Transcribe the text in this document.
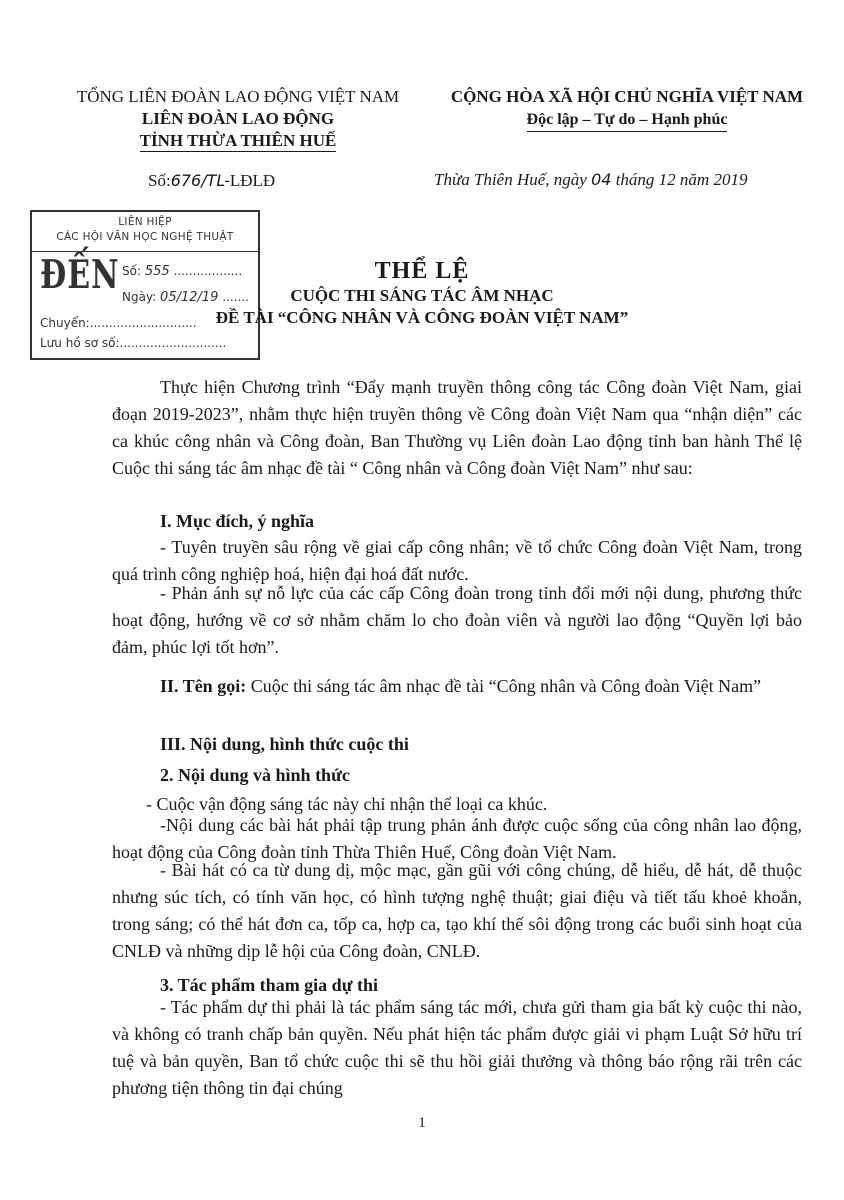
TỔNG LIÊN ĐOÀN LAO ĐỘNG VIỆT NAM
LIÊN ĐOÀN LAO ĐỘNG
TỈNH THỪA THIÊN HUẾ
CỘNG HÒA XÃ HỘI CHỦ NGHĨA VIỆT NAM
Độc lập – Tự do – Hạnh phúc
Số:676/TL-LĐLĐ	Thừa Thiên Huế, ngày 04 tháng 12 năm 2019
LIÊN HIỆP
CÁC HỘI VĂN HỌC NGHỆ THUẬT
ĐẾN Số: 555 ..................
Ngày: 05/12/19 .......
Chuyển:............................
Lưu hồ sơ số:............................
THỂ LỆ
CUỘC THI SÁNG TÁC ÂM NHẠC
ĐỀ TÀI “CÔNG NHÂN VÀ CÔNG ĐOÀN VIỆT NAM”
Thực hiện Chương trình “Đẩy mạnh truyền thông công tác Công đoàn Việt Nam, giai đoạn 2019-2023”, nhằm thực hiện truyền thông về Công đoàn Việt Nam qua “nhận diện” các ca khúc công nhân và Công đoàn, Ban Thường vụ Liên đoàn Lao động tỉnh ban hành Thể lệ Cuộc thi sáng tác âm nhạc đề tài “ Công nhân và Công đoàn Việt Nam” như sau:
I. Mục đích, ý nghĩa
- Tuyên truyền sâu rộng về giai cấp công nhân; về tổ chức Công đoàn Việt Nam, trong quá trình công nghiệp hoá, hiện đại hoá đất nước.
- Phản ánh sự nỗ lực của các cấp Công đoàn trong tỉnh đổi mới nội dung, phương thức hoạt động, hướng về cơ sở nhằm chăm lo cho đoàn viên và người lao động “Quyền lợi bảo đảm, phúc lợi tốt hơn”.
II. Tên gọi: Cuộc thi sáng tác âm nhạc đề tài “Công nhân và Công đoàn Việt Nam”
III. Nội dung, hình thức cuộc thi
2. Nội dung và hình thức
- Cuộc vận động sáng tác này chỉ nhận thể loại ca khúc.
-Nội dung các bài hát phải tập trung phản ánh được cuộc sống của công nhân lao động, hoạt động của Công đoàn tỉnh Thừa Thiên Huế, Công đoàn Việt Nam.
- Bài hát có ca từ dung dị, mộc mạc, gần gũi với công chúng, dễ hiểu, dễ hát, dễ thuộc nhưng súc tích, có tính văn học, có hình tượng nghệ thuật; giai điệu và tiết tấu khoẻ khoắn, trong sáng; có thể hát đơn ca, tốp ca, hợp ca, tạo khí thế sôi động trong các buổi sinh hoạt của CNLĐ và những dịp lễ hội của Công đoàn, CNLĐ.
3. Tác phẩm tham gia dự thi
- Tác phẩm dự thi phải là tác phẩm sáng tác mới, chưa gửi tham gia bất kỳ cuộc thi nào, và không có tranh chấp bản quyền. Nếu phát hiện tác phẩm được giải vi phạm Luật Sở hữu trí tuệ và bản quyền, Ban tổ chức cuộc thi sẽ thu hồi giải thưởng và thông báo rộng rãi trên các phương tiện thông tin đại chúng
1
